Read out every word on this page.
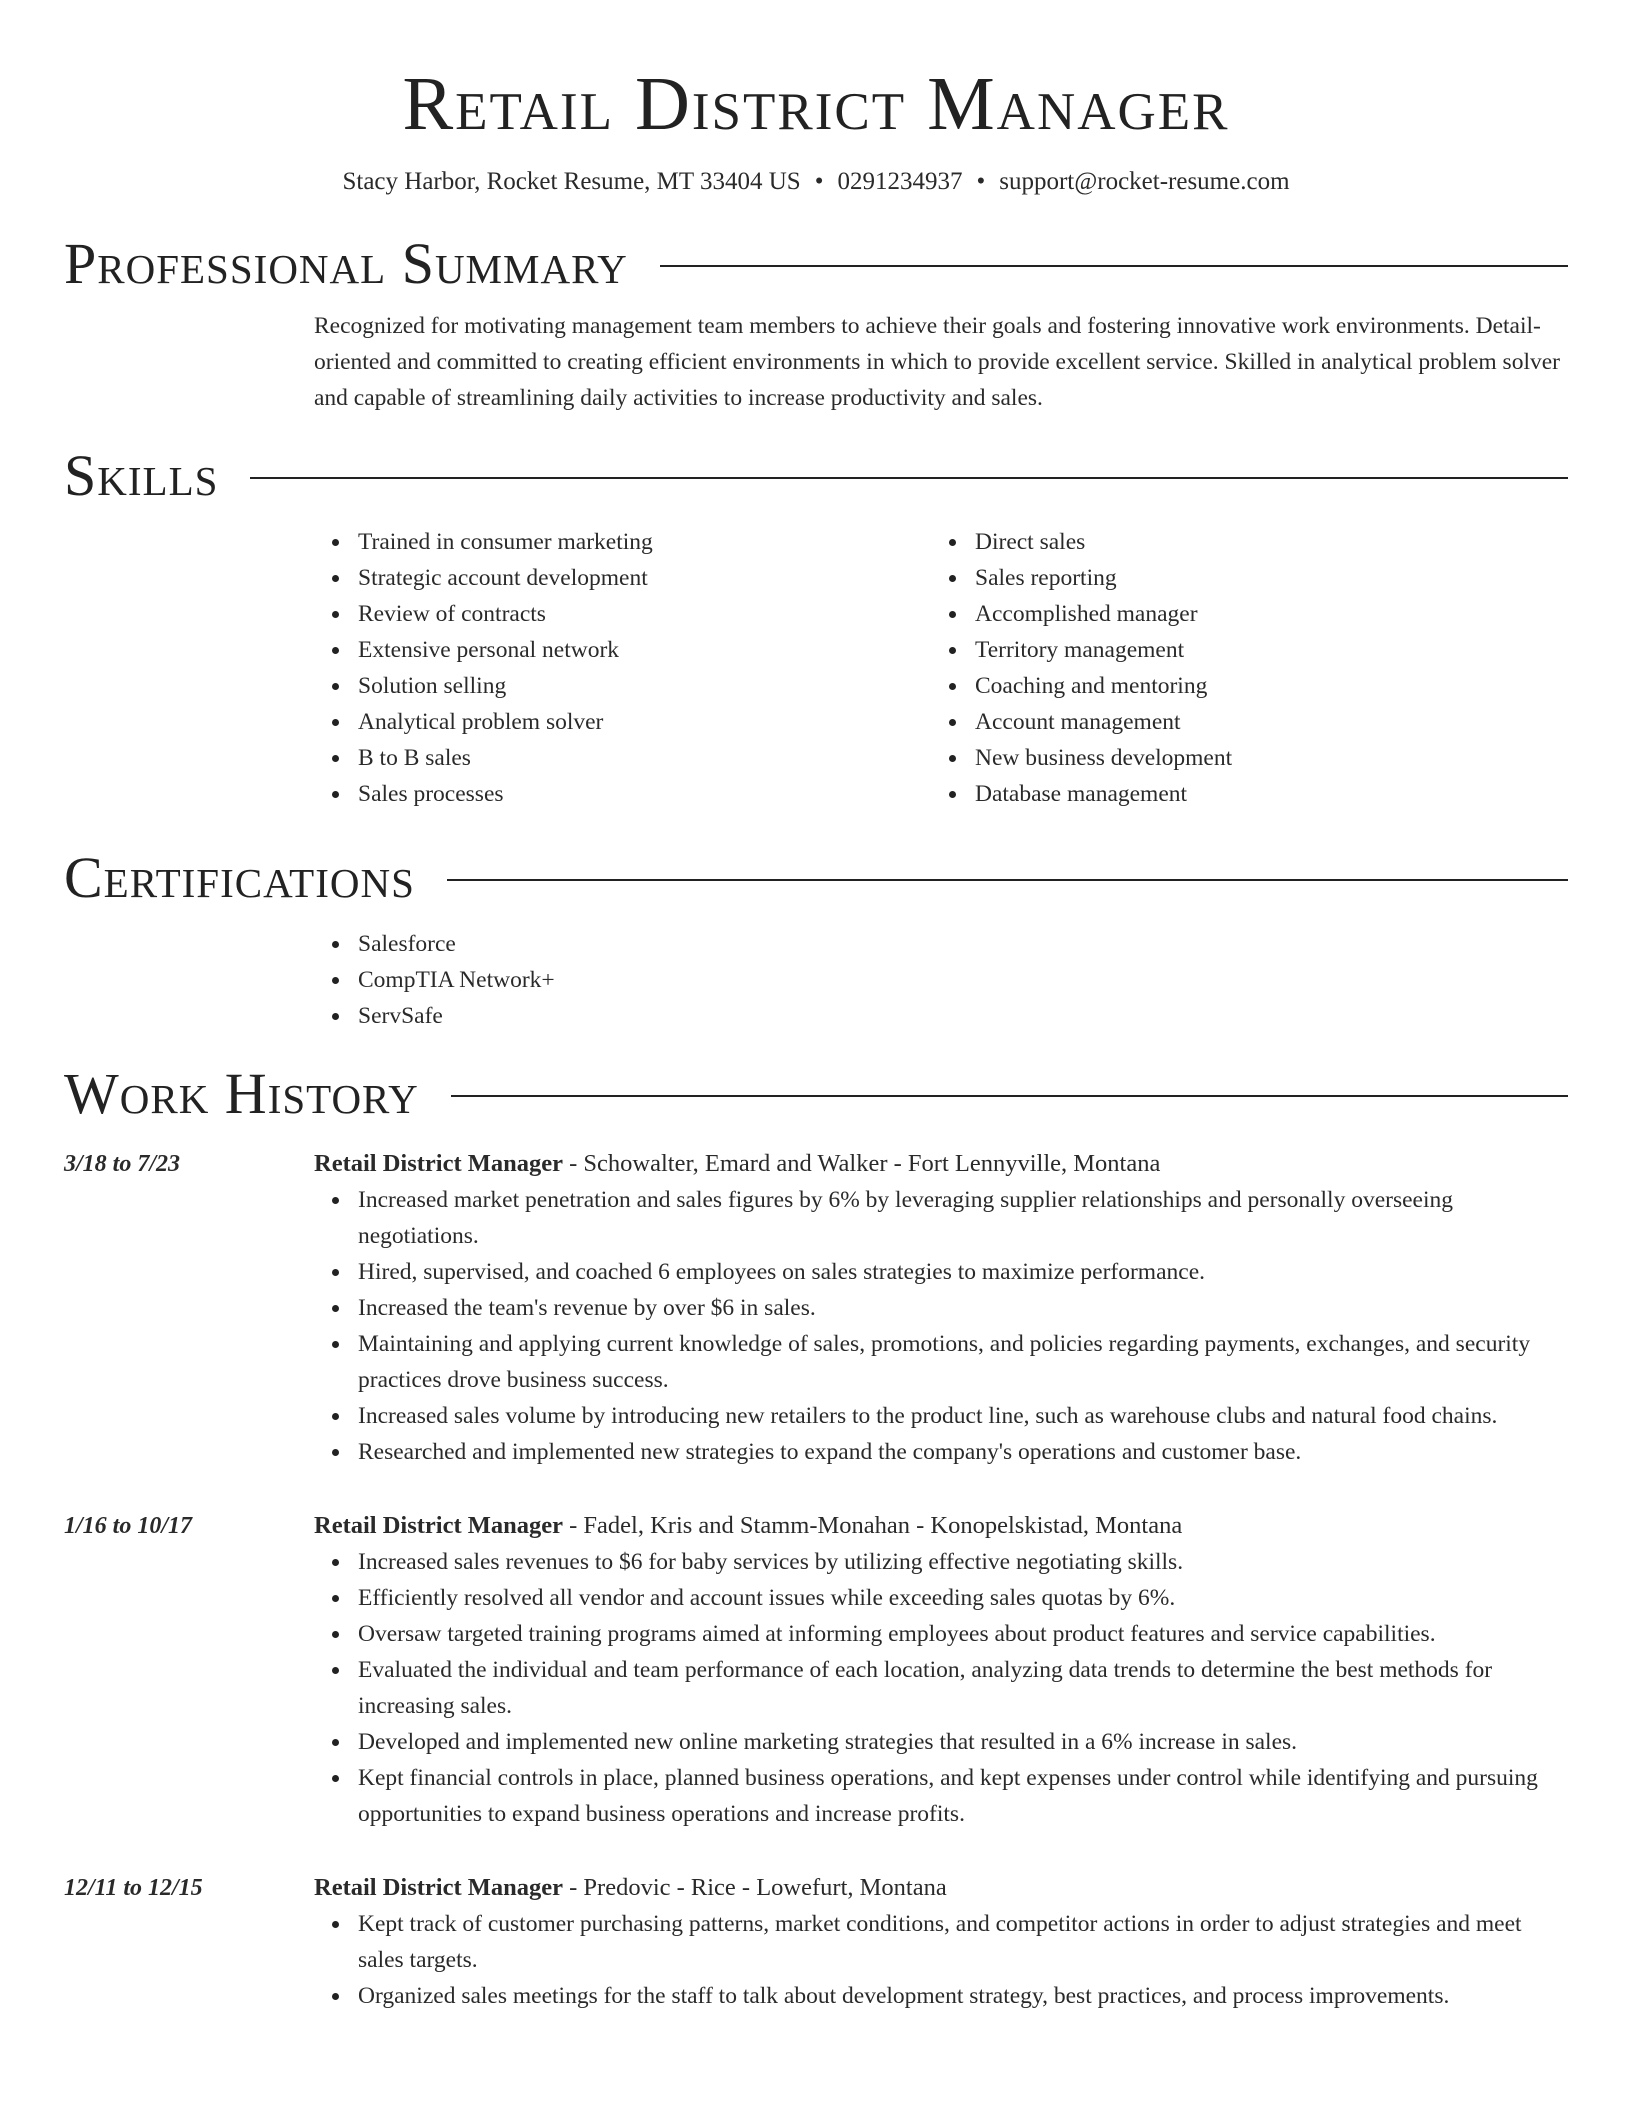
Retail District Manager
Stacy Harbor, Rocket Resume, MT 33404 US • 0291234937 • support@rocket-resume.com
Professional Summary

Recognized for motivating management team members to achieve their goals and fostering innovative work environments. Detail-oriented and committed to creating efficient environments in which to provide excellent service. Skilled in analytical problem solver and capable of streamlining daily activities to increase productivity and sales.

Skills
Trained in consumer marketing
Strategic account development
Review of contracts
Extensive personal network
Solution selling
Analytical problem solver
B to B sales
Sales processes
Direct sales
Sales reporting
Accomplished manager
Territory management
Coaching and mentoring
Account management
New business development
Database management
Certifications
Salesforce
CompTIA Network+
ServSafe
Work History
3/18 to 7/23	Retail District Manager - Schowalter, Emard and Walker - Fort Lennyville, Montana
Increased market penetration and sales figures by 6% by leveraging supplier relationships and personally overseeing negotiations.
Hired, supervised, and coached 6 employees on sales strategies to maximize performance.
Increased the team's revenue by over $6 in sales.
Maintaining and applying current knowledge of sales, promotions, and policies regarding payments, exchanges, and security practices drove business success.
Increased sales volume by introducing new retailers to the product line, such as warehouse clubs and natural food chains.
Researched and implemented new strategies to expand the company's operations and customer base.
1/16 to 10/17	Retail District Manager - Fadel, Kris and Stamm-Monahan - Konopelskistad, Montana
Increased sales revenues to $6 for baby services by utilizing effective negotiating skills.
Efficiently resolved all vendor and account issues while exceeding sales quotas by 6%.
Oversaw targeted training programs aimed at informing employees about product features and service capabilities.
Evaluated the individual and team performance of each location, analyzing data trends to determine the best methods for increasing sales.
Developed and implemented new online marketing strategies that resulted in a 6% increase in sales.
Kept financial controls in place, planned business operations, and kept expenses under control while identifying and pursuing opportunities to expand business operations and increase profits.
12/11 to 12/15	Retail District Manager - Predovic - Rice - Lowefurt, Montana
Kept track of customer purchasing patterns, market conditions, and competitor actions in order to adjust strategies and meet sales targets.
Organized sales meetings for the staff to talk about development strategy, best practices, and process improvements.
